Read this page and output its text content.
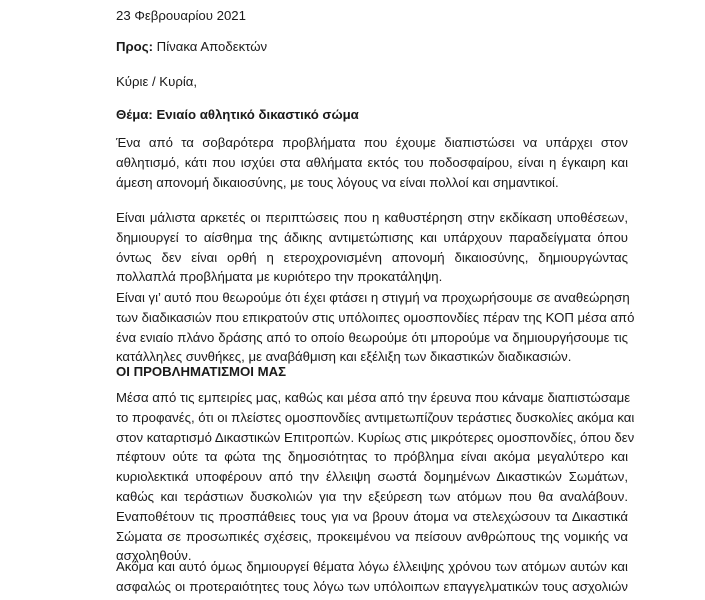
23 Φεβρουαρίου 2021

Προς: Πίνακα Αποδεκτών

Κύριε / Κυρία,

Θέμα: Ενιαίο αθλητικό δικαστικό σώμα

Ένα από τα σοβαρότερα προβλήματα που έχουμε διαπιστώσει να υπάρχει στον
αθλητισμό, κάτι που ισχύει στα αθλήματα εκτός του ποδοσφαίρου, είναι η έγκαιρη και
άμεση απονομή δικαιοσύνης, με τους λόγους να είναι πολλοί και σημαντικοί.
Είναι μάλιστα αρκετές οι περιπτώσεις που η καθυστέρηση στην εκδίκαση υποθέσεων,
δημιουργεί το αίσθημα της άδικης αντιμετώπισης και υπάρχουν παραδείγματα όπου
όντως δεν είναι ορθή η ετεροχρονισμένη απονομή δικαιοσύνης, δημιουργώντας
πολλαπλά προβλήματα με κυριότερο την προκατάληψη.
Είναι γι’ αυτό που θεωρούμε ότι έχει φτάσει η στιγμή να προχωρήσουμε σε αναθεώρηση
των διαδικασιών που επικρατούν στις υπόλοιπες ομοσπονδίες πέραν της ΚΟΠ μέσα από
ένα ενιαίο πλάνο δράσης από το οποίο θεωρούμε ότι μπορούμε να δημιουργήσουμε τις
κατάλληλες συνθήκες, με αναβάθμιση και εξέλιξη των δικαστικών διαδικασιών.

ΟΙ ΠΡΟΒΛΗΜΑΤΙΣΜΟΙ ΜΑΣ

Μέσα από τις εμπειρίες μας, καθώς και μέσα από την έρευνα που κάναμε διαπιστώσαμε
το προφανές, ότι οι πλείστες ομοσπονδίες αντιμετωπίζουν τεράστιες δυσκολίες ακόμα και
στον καταρτισμό Δικαστικών Επιτροπών. Κυρίως στις μικρότερες ομοσπονδίες, όπου δεν
πέφτουν ούτε τα φώτα της δημοσιότητας το πρόβλημα είναι ακόμα μεγαλύτερο και
κυριολεκτικά υποφέρουν από την έλλειψη σωστά δομημένων Δικαστικών Σωμάτων,
καθώς και τεράστιων δυσκολιών για την εξεύρεση των ατόμων που θα αναλάβουν.
Εναποθέτουν τις προσπάθειες τους για να βρουν άτομα να στελεχώσουν τα Δικαστικά
Σώματα σε προσωπικές σχέσεις, προκειμένου να πείσουν ανθρώπους της νομικής να
ασχοληθούν.
Ακόμα και αυτό όμως δημιουργεί θέματα λόγω έλλειψης χρόνου των ατόμων αυτών και
ασφαλώς οι προτεραιότητες τους λόγω των υπόλοιπων επαγγελματικών τους ασχολιών
